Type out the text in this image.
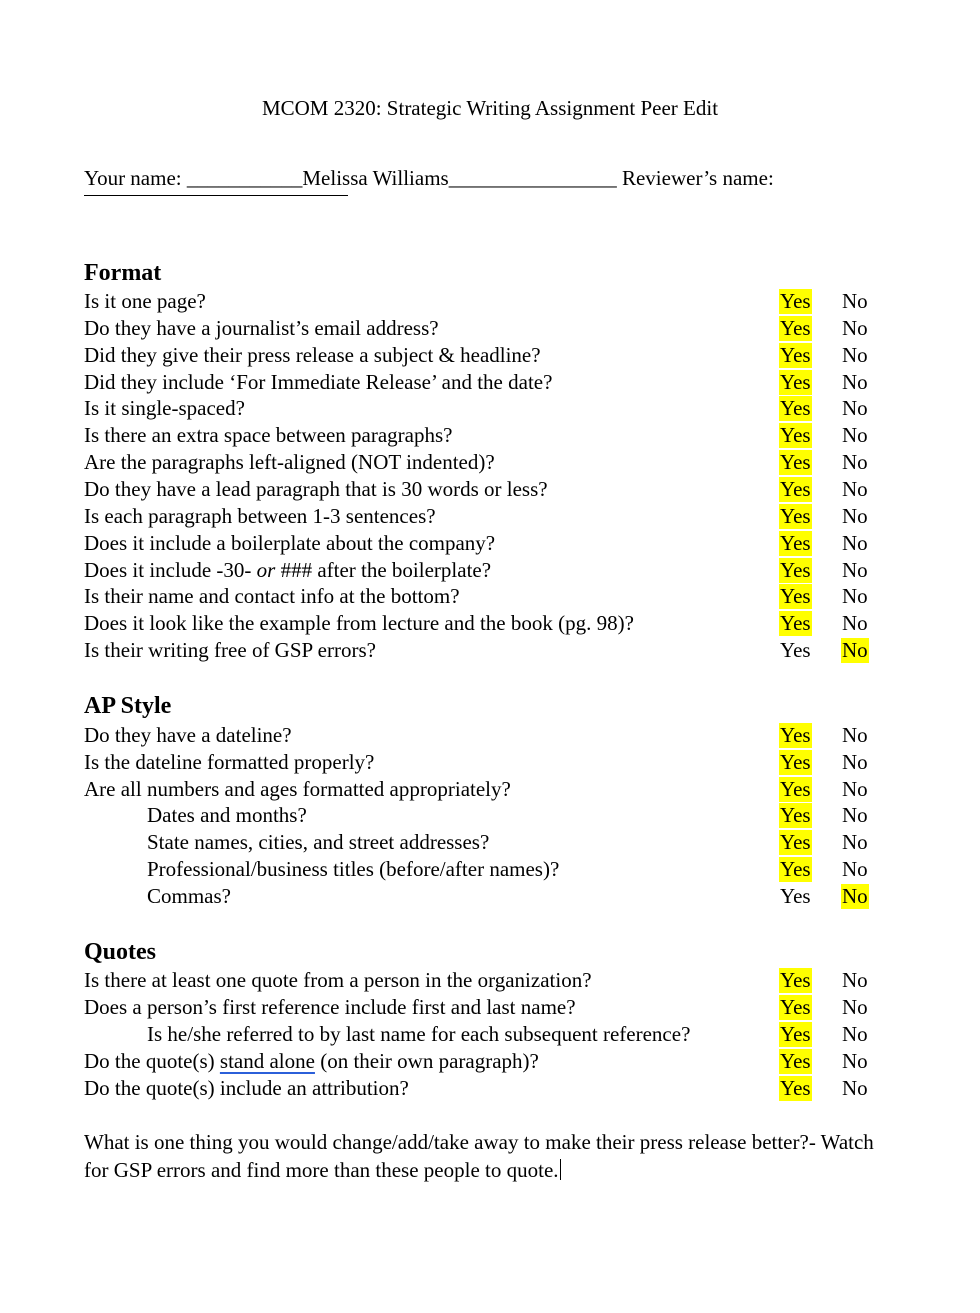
MCOM 2320: Strategic Writing Assignment Peer Edit
Your name: ___________Melissa Williams________________ Reviewer’s name:
Format
Is it one page?	Yes No
Do they have a journalist’s email address?	Yes No
Did they give their press release a subject & headline?	Yes No
Did they include ‘For Immediate Release’ and the date?	Yes No
Is it single-spaced?	Yes No
Is there an extra space between paragraphs?	Yes No
Are the paragraphs left-aligned (NOT indented)?	Yes No
Do they have a lead paragraph that is 30 words or less?	Yes No
Is each paragraph between 1-3 sentences?	Yes No
Does it include a boilerplate about the company?	Yes No
Does it include -30- or ### after the boilerplate?	Yes No
Is their name and contact info at the bottom?	Yes No
Does it look like the example from lecture and the book (pg. 98)?	Yes No
Is their writing free of GSP errors?	Yes No
AP Style
Do they have a dateline?	Yes No
Is the dateline formatted properly?	Yes No
Are all numbers and ages formatted appropriately?	Yes No
Dates and months?	Yes No
State names, cities, and street addresses?	Yes No
Professional/business titles (before/after names)?	Yes No
Commas?	Yes No
Quotes
Is there at least one quote from a person in the organization?	Yes No
Does a person’s first reference include first and last name?	Yes No
Is he/she referred to by last name for each subsequent reference?	Yes No
Do the quote(s) stand alone (on their own paragraph)?	Yes No
Do the quote(s) include an attribution?	Yes No
What is one thing you would change/add/take away to make their press release better?- Watch for GSP errors and find more than these people to quote.
